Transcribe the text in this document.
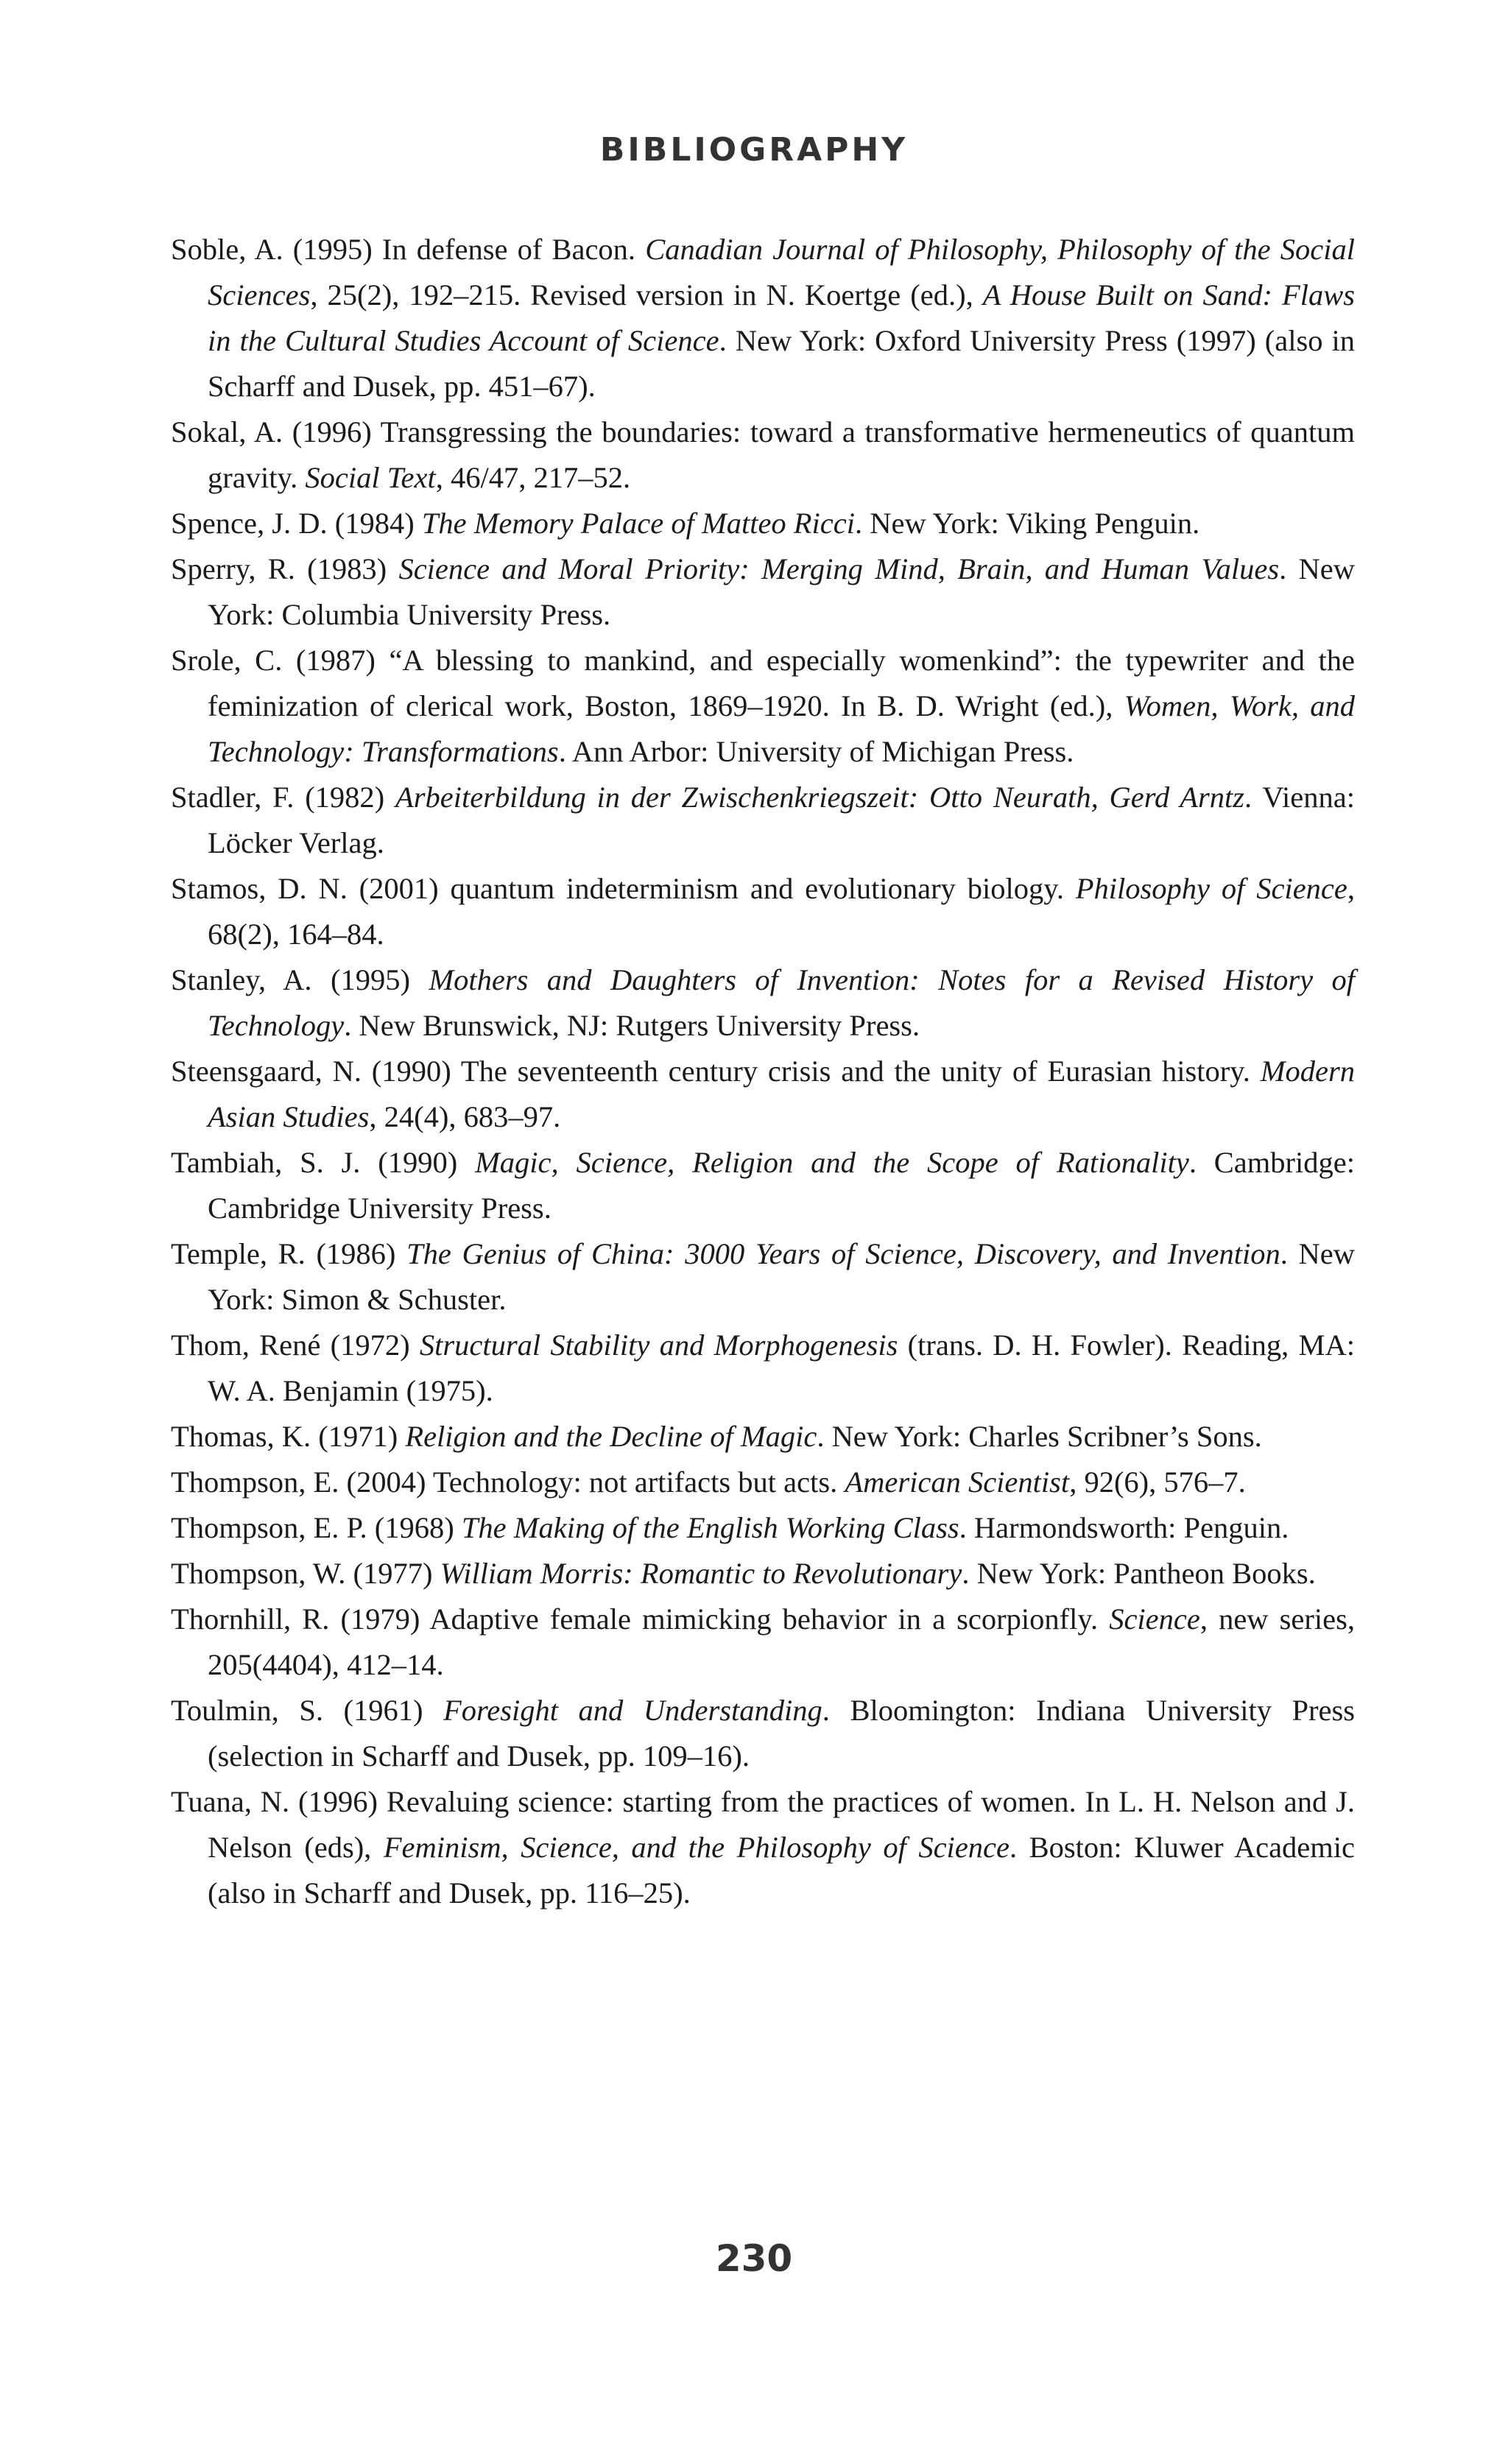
BIBLIOGRAPHY
Soble, A. (1995) In defense of Bacon. Canadian Journal of Philosophy, Philosophy of the Social Sciences, 25(2), 192–215. Revised version in N. Koertge (ed.), A House Built on Sand: Flaws in the Cultural Studies Account of Science. New York: Oxford University Press (1997) (also in Scharff and Dusek, pp. 451–67).
Sokal, A. (1996) Transgressing the boundaries: toward a transformative hermeneutics of quantum gravity. Social Text, 46/47, 217–52.
Spence, J. D. (1984) The Memory Palace of Matteo Ricci. New York: Viking Penguin.
Sperry, R. (1983) Science and Moral Priority: Merging Mind, Brain, and Human Values. New York: Columbia University Press.
Srole, C. (1987) “A blessing to mankind, and especially womenkind”: the typewriter and the feminization of clerical work, Boston, 1869–1920. In B. D. Wright (ed.), Women, Work, and Technology: Transformations. Ann Arbor: University of Michigan Press.
Stadler, F. (1982) Arbeiterbildung in der Zwischenkriegszeit: Otto Neurath, Gerd Arntz. Vienna: Löcker Verlag.
Stamos, D. N. (2001) quantum indeterminism and evolutionary biology. Philosophy of Science, 68(2), 164–84.
Stanley, A. (1995) Mothers and Daughters of Invention: Notes for a Revised History of Technology. New Brunswick, NJ: Rutgers University Press.
Steensgaard, N. (1990) The seventeenth century crisis and the unity of Eurasian history. Modern Asian Studies, 24(4), 683–97.
Tambiah, S. J. (1990) Magic, Science, Religion and the Scope of Rationality. Cambridge: Cambridge University Press.
Temple, R. (1986) The Genius of China: 3000 Years of Science, Discovery, and Invention. New York: Simon & Schuster.
Thom, René (1972) Structural Stability and Morphogenesis (trans. D. H. Fowler). Reading, MA: W. A. Benjamin (1975).
Thomas, K. (1971) Religion and the Decline of Magic. New York: Charles Scribner’s Sons.
Thompson, E. (2004) Technology: not artifacts but acts. American Scientist, 92(6), 576–7.
Thompson, E. P. (1968) The Making of the English Working Class. Harmondsworth: Penguin.
Thompson, W. (1977) William Morris: Romantic to Revolutionary. New York: Pantheon Books.
Thornhill, R. (1979) Adaptive female mimicking behavior in a scorpionfly. Science, new series, 205(4404), 412–14.
Toulmin, S. (1961) Foresight and Understanding. Bloomington: Indiana University Press (selection in Scharff and Dusek, pp. 109–16).
Tuana, N. (1996) Revaluing science: starting from the practices of women. In L. H. Nelson and J. Nelson (eds), Feminism, Science, and the Philosophy of Science. Boston: Kluwer Academic (also in Scharff and Dusek, pp. 116–25).
230
